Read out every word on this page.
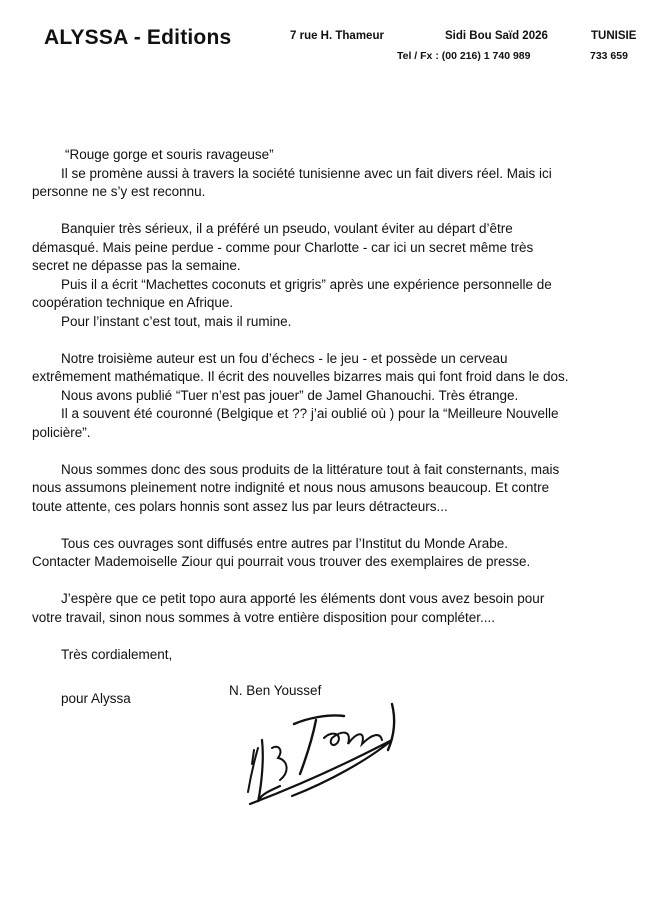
ALYSSA - Editions	7 rue H. Thameur	Sidi Bou Saïd 2026	TUNISIE
Tel / Fx : (00 216) 1 740 989	733 659

“Rouge gorge et souris ravageuse”

Il se promène aussi à travers la société tunisienne avec un fait divers réel. Mais ici

personne ne s’y est reconnu.

Banquier très sérieux, il a préféré un pseudo, voulant éviter au départ d’être

démasqué. Mais peine perdue - comme pour Charlotte - car ici un secret même très

secret ne dépasse pas la semaine.

Puis il a écrit “Machettes coconuts et grigris” après une expérience personnelle de

coopération technique en Afrique.

Pour l’instant c’est tout, mais il rumine.

Notre troisième auteur est un fou d’échecs - le jeu - et possède un cerveau

extrêmement mathématique. Il écrit des nouvelles bizarres mais qui font froid dans le dos.

Nous avons publié “Tuer n’est pas jouer” de Jamel Ghanouchi. Très étrange.

Il a souvent été couronné (Belgique et ?? j’ai oublié où ) pour la “Meilleure Nouvelle

policière”.

Nous sommes donc des sous produits de la littérature tout à fait consternants, mais

nous assumons pleinement notre indignité et nous nous amusons beaucoup. Et contre

toute attente, ces polars honnis sont assez lus par leurs détracteurs...

Tous ces ouvrages sont diffusés entre autres par l’Institut du Monde Arabe.

Contacter Mademoiselle Ziour qui pourrait vous trouver des exemplaires de presse.

J’espère que ce petit topo aura apporté les éléments dont vous avez besoin pour

votre travail, sinon nous sommes à votre entière disposition pour compléter....

Très cordialement,

pour Alyssa
N. Ben Youssef
